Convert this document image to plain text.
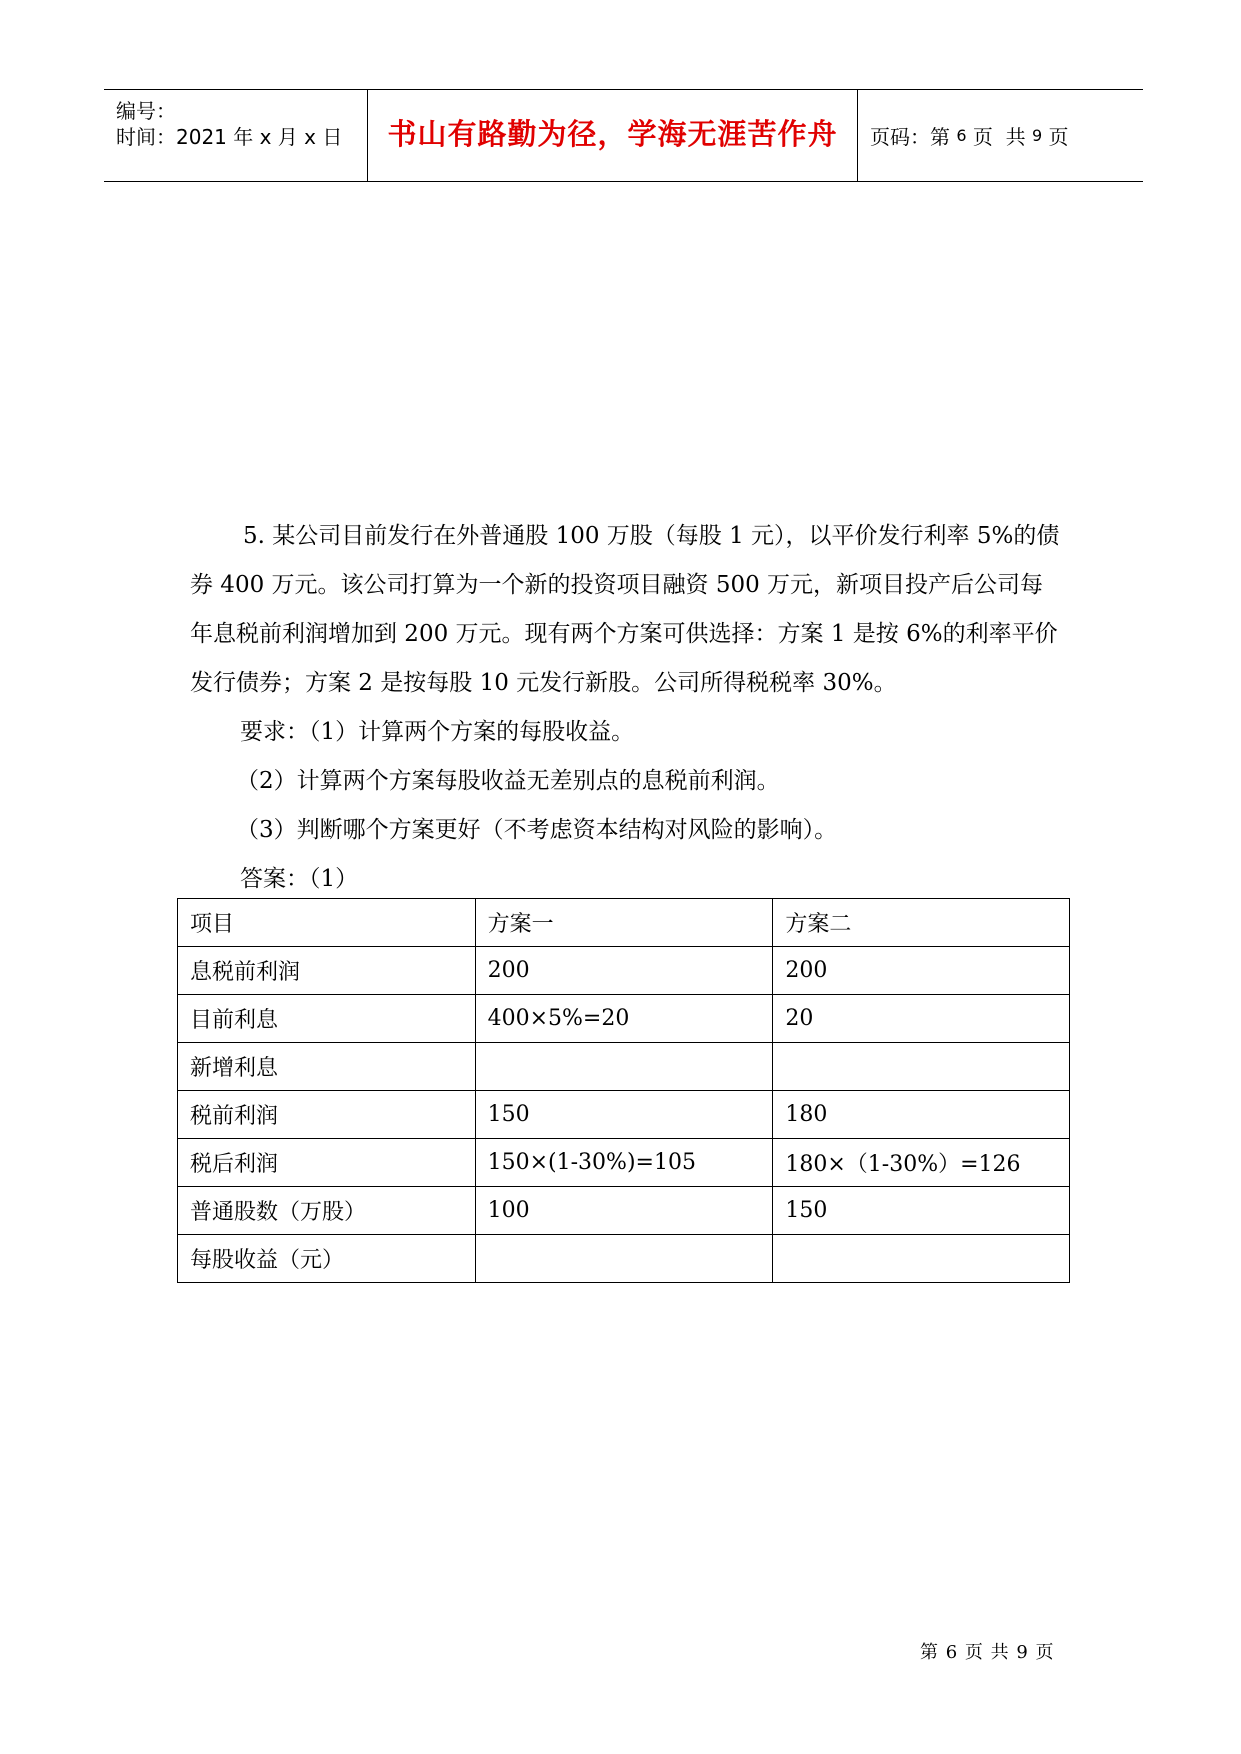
编号：
时间：2021 年 x 月 x 日 书山有路勤为径，学海无涯苦作舟 页码：第 6 页  共 9 页

5. 某公司目前发行在外普通股 100 万股（每股 1 元），以平价发行利率 5%的债券 400 万元。该公司打算为一个新的投资项目融资 500 万元，新项目投产后公司每年息税前利润增加到 200 万元。现有两个方案可供选择：方案 1 是按 6%的利率平价发行债券；方案 2 是按每股 10 元发行新股。公司所得税税率 30%。

要求：（1）计算两个方案的每股收益。

（2）计算两个方案每股收益无差别点的息税前利润。

（3）判断哪个方案更好（不考虑资本结构对风险的影响）。

答案：（1）

项目	方案一	方案二
息税前利润	200	200
目前利息	400×5%=20	20
新增利息		
税前利润	150	180
税后利润	150×(1-30%)=105	180×（1-30%）=126
普通股数（万股）	100	150
每股收益（元）		
第 6 页 共 9 页
